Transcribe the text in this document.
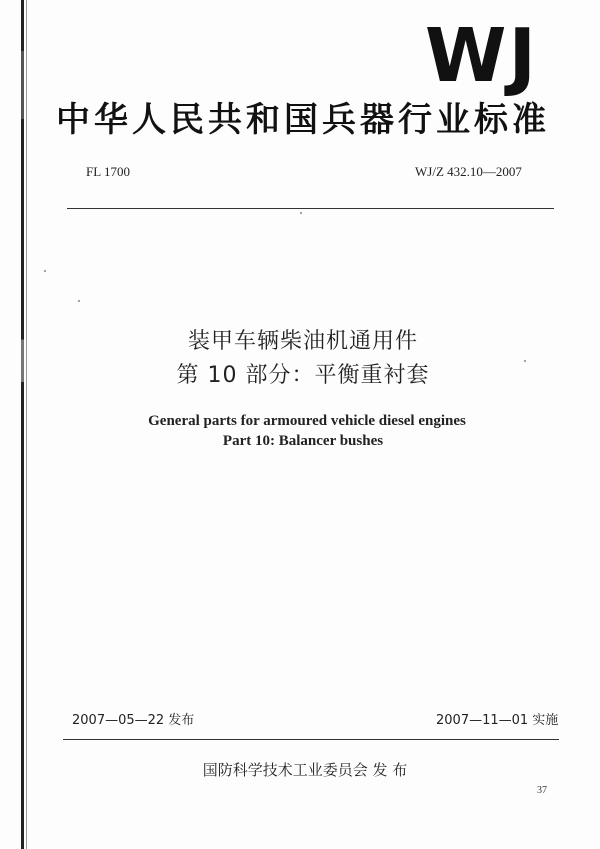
WJ
中华人民共和国兵器行业标准
FL 1700	WJ/Z 432.10—2007
装甲车辆柴油机通用件
第 10 部分：平衡重衬套
General parts for armoured vehicle diesel engines
Part 10: Balancer bushes
2007—05—22 发布	2007—11—01 实施
国防科学技术工业委员会 发 布
37
